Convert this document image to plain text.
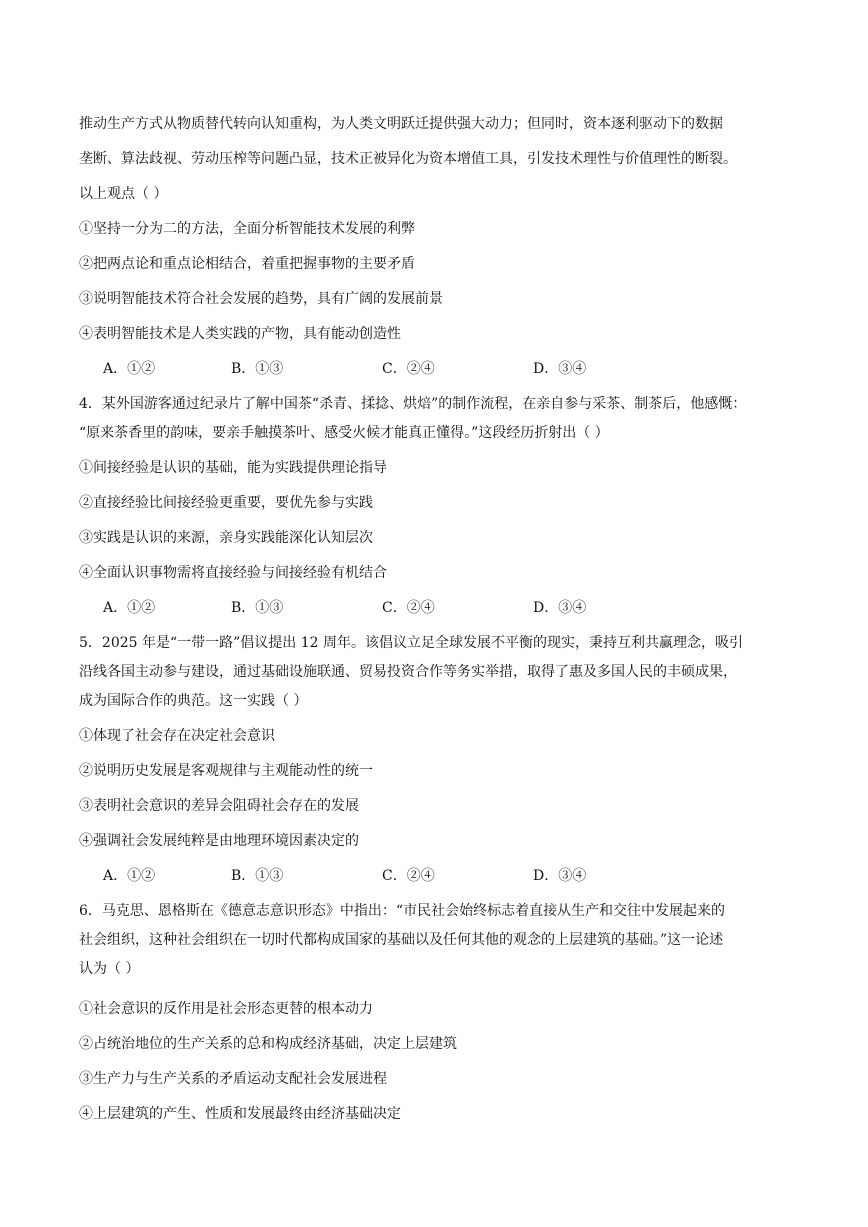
推动生产方式从物质替代转向认知重构，为人类文明跃迁提供强大动力；但同时，资本逐利驱动下的数据
垄断、算法歧视、劳动压榨等问题凸显，技术正被异化为资本增值工具，引发技术理性与价值理性的断裂。
以上观点（ ）
①坚持一分为二的方法，全面分析智能技术发展的利弊
②把两点论和重点论相结合，着重把握事物的主要矛盾
③说明智能技术符合社会发展的趋势，具有广阔的发展前景
④表明智能技术是人类实践的产物，具有能动创造性
A．①②	B．①③	C．②④	D．③④
4．某外国游客通过纪录片了解中国茶“杀青、揉捻、烘焙”的制作流程，在亲自参与采茶、制茶后，他感慨：
“原来茶香里的韵味，要亲手触摸茶叶、感受火候才能真正懂得。”这段经历折射出（ ）
①间接经验是认识的基础，能为实践提供理论指导
②直接经验比间接经验更重要，要优先参与实践
③实践是认识的来源，亲身实践能深化认知层次
④全面认识事物需将直接经验与间接经验有机结合
A．①②	B．①③	C．②④	D．③④
5．2025 年是“一带一路”倡议提出 12 周年。该倡议立足全球发展不平衡的现实，秉持互利共赢理念，吸引
沿线各国主动参与建设，通过基础设施联通、贸易投资合作等务实举措，取得了惠及多国人民的丰硕成果，
成为国际合作的典范。这一实践（ ）
①体现了社会存在决定社会意识
②说明历史发展是客观规律与主观能动性的统一
③表明社会意识的差异会阻碍社会存在的发展
④强调社会发展纯粹是由地理环境因素决定的
A．①②	B．①③	C．②④	D．③④
6．马克思、恩格斯在《德意志意识形态》中指出：“市民社会始终标志着直接从生产和交往中发展起来的
社会组织，这种社会组织在一切时代都构成国家的基础以及任何其他的观念的上层建筑的基础。”这一论述
认为（ ）
①社会意识的反作用是社会形态更替的根本动力
②占统治地位的生产关系的总和构成经济基础，决定上层建筑
③生产力与生产关系的矛盾运动支配社会发展进程
④上层建筑的产生、性质和发展最终由经济基础决定
